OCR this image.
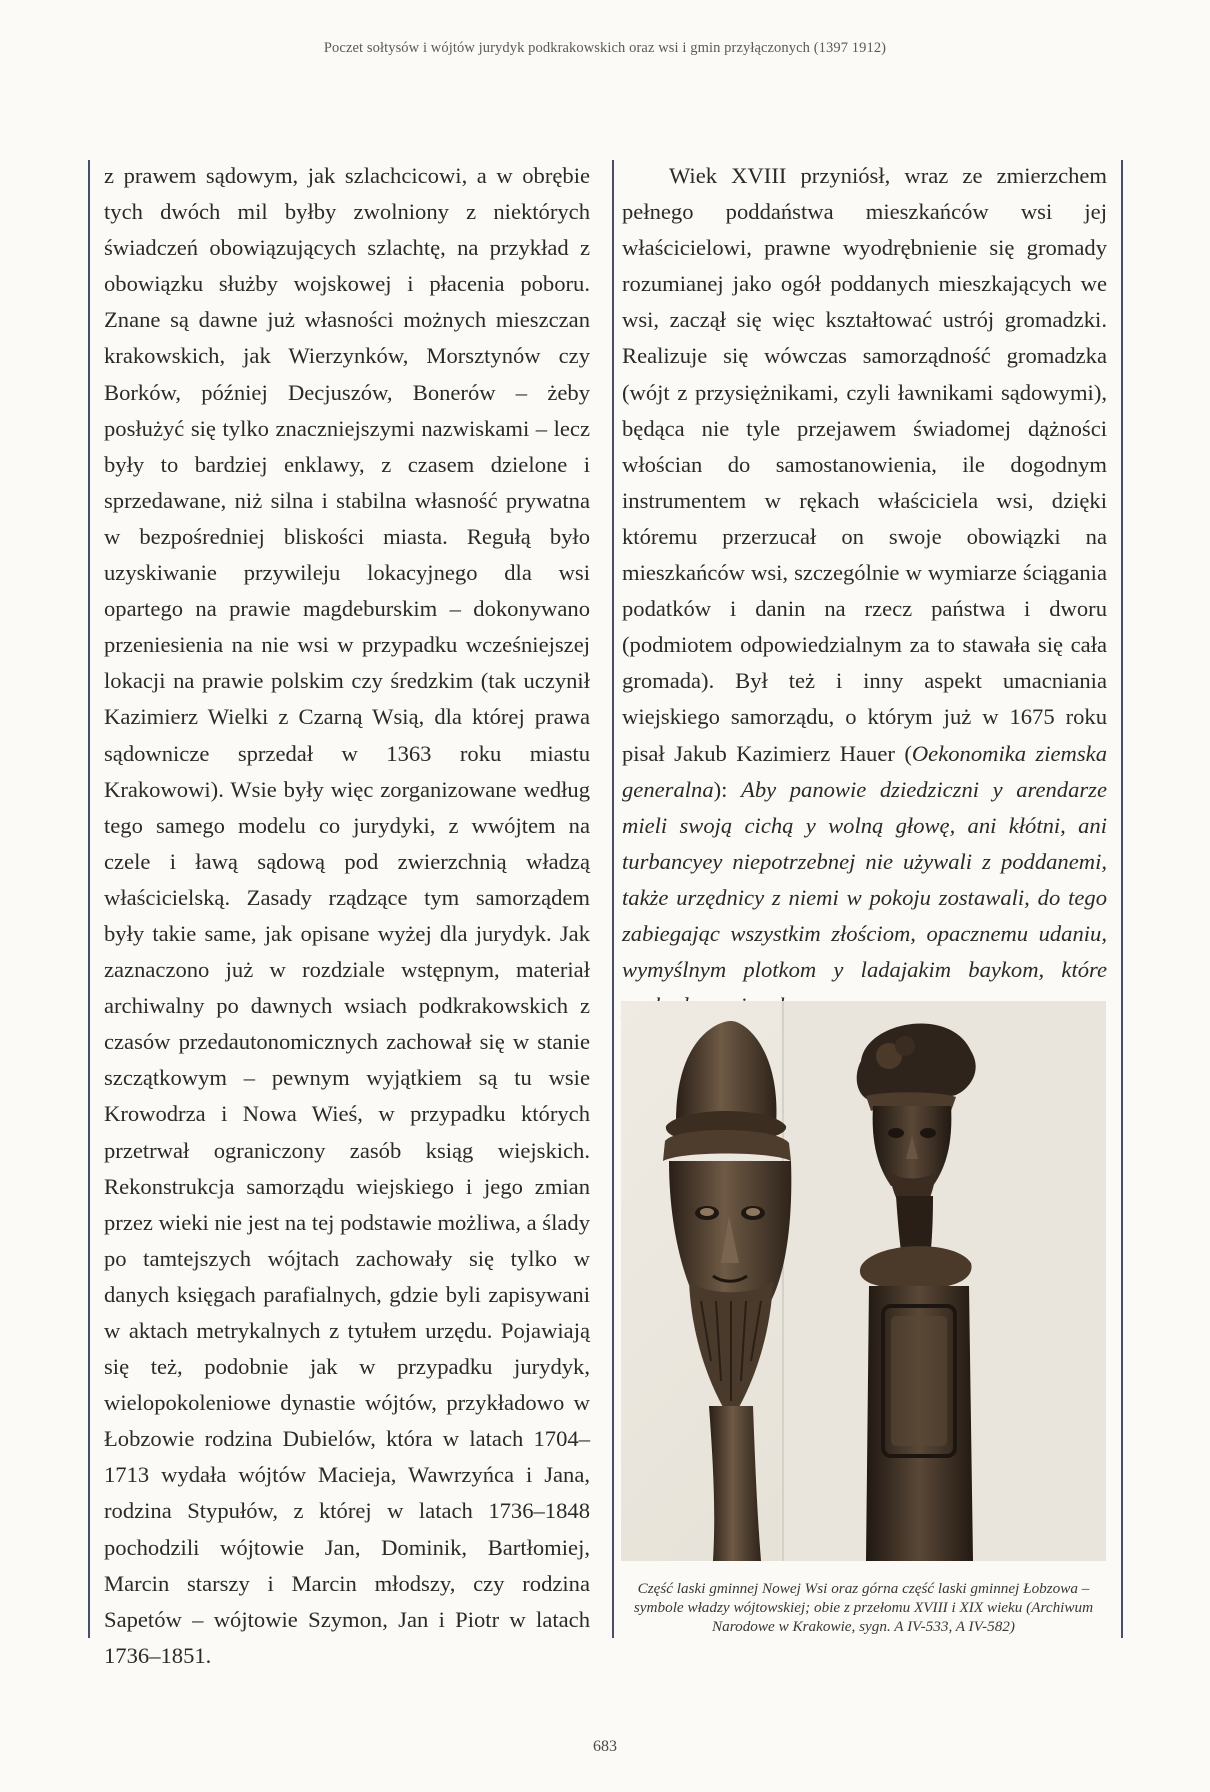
Poczet sołtysów i wójtów jurydyk podkrakowskich oraz wsi i gmin przyłączonych (1397 1912)

z prawem sądowym, jak szlachcicowi, a w obrębie tych dwóch mil byłby zwolniony z niektórych świadczeń obowiązujących szlachtę, na przykład z obowiązku służby wojskowej i płacenia poboru. Znane są dawne już własności możnych mieszczan krakowskich, jak Wierzynków, Morsztynów czy Borków, później Decjuszów, Bonerów – żeby posłużyć się tylko znaczniejszymi nazwiskami – lecz były to bardziej enklawy, z czasem dzielone i sprzedawane, niż silna i stabilna własność prywatna w bezpośredniej bliskości miasta. Regułą było uzyskiwanie przywileju lokacyjnego dla wsi opartego na prawie magdeburskim – dokonywano przeniesienia na nie wsi w przypadku wcześniejszej lokacji na prawie polskim czy średzkim (tak uczynił Kazimierz Wielki z Czarną Wsią, dla której prawa sądownicze sprzedał w 1363 roku miastu Krakowowi). Wsie były więc zorganizowane według tego samego modelu co jurydyki, z wwójtem na czele i ławą sądową pod zwierzchnią władzą właścicielską. Zasady rządzące tym samorządem były takie same, jak opisane wyżej dla jurydyk. Jak zaznaczono już w rozdziale wstępnym, materiał archiwalny po dawnych wsiach podkrakowskich z czasów przedautonomicznych zachował się w stanie szczątkowym – pewnym wyjątkiem są tu wsie Krowodrza i Nowa Wieś, w przypadku których przetrwał ograniczony zasób ksiąg wiejskich. Rekonstrukcja samorządu wiejskiego i jego zmian przez wieki nie jest na tej podstawie możliwa, a ślady po tamtejszych wójtach zachowały się tylko w danych księgach parafialnych, gdzie byli zapisywani w aktach metrykalnych z tytułem urzędu. Pojawiają się też, podobnie jak w przypadku jurydyk, wielopokoleniowe dynastie wójtów, przykładowo w Łobzowie rodzina Dubielów, która w latach 1704–1713 wydała wójtów Macieja, Wawrzyńca i Jana, rodzina Stypułów, z której w latach 1736–1848 pochodzili wójtowie Jan, Dominik, Bartłomiej, Marcin starszy i Marcin młodszy, czy rodzina Sapetów – wójtowie Szymon, Jan i Piotr w latach 1736–1851.

Wiek XVIII przyniósł, wraz ze zmierzchem pełnego poddaństwa mieszkańców wsi jej właścicielowi, prawne wyodrębnienie się gromady rozumianej jako ogół poddanych mieszkających we wsi, zaczął się więc kształtować ustrój gromadzki. Realizuje się wówczas samorządność gromadzka (wójt z przysiężnikami, czyli ławnikami sądowymi), będąca nie tyle przejawem świadomej dążności włościan do samostanowienia, ile dogodnym instrumentem w rękach właściciela wsi, dzięki któremu przerzucał on swoje obowiązki na mieszkańców wsi, szczególnie w wymiarze ściągania podatków i danin na rzecz państwa i dworu (podmiotem odpowiedzialnym za to stawała się cała gromada). Był też i inny aspekt umacniania wiejskiego samorządu, o którym już w 1675 roku pisał Jakub Kazimierz Hauer (Oekonomika ziemska generalna): Aby panowie dziedziczni y arendarze mieli swoją cichą y wolną głowę, ani kłótni, ani turbancyey niepotrzebnej nie używali z poddanemi, także urzędnicy z niemi w pokoju zostawali, do tego zabiegając wszystkim złościom, opacznemu udaniu, wymyślnym plotkom y ladajakim baykom, które

Część laski gminnej Nowej Wsi oraz górna część laski gminnej Łobzowa – symbole władzy wójtowskiej; obie z przełomu XVIII i XIX wieku (Archiwum Narodowe w Krakowie, sygn. A IV-533, A IV-582)
683
